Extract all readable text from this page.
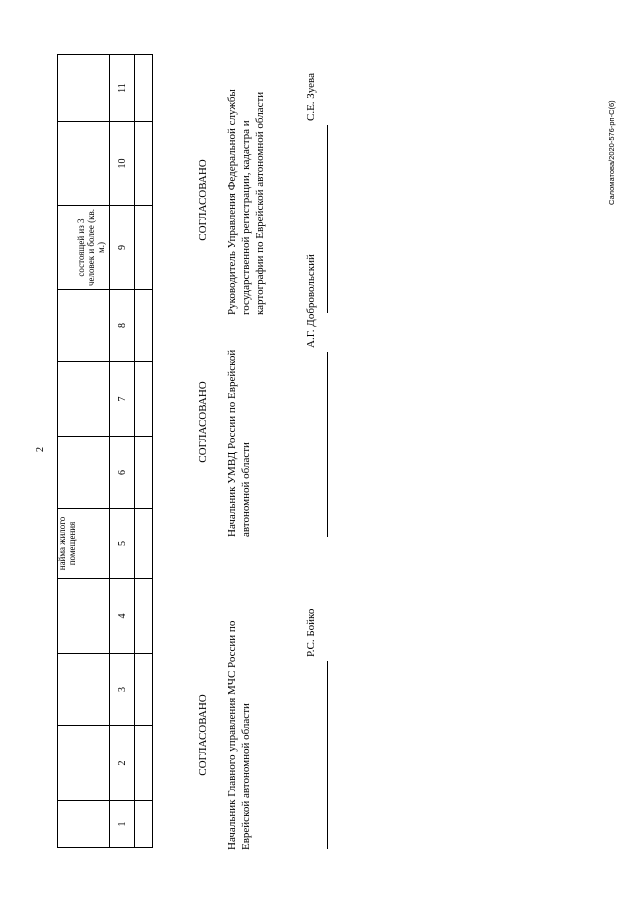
2
Саломатова/2020-576-рп-С(6)
				найма жилого помещения				состоящей из 3 человек и более (кв. м.)		
1	2	3	4	5	6	7	8	9	10	11

СОГЛАСОВАНО Начальник Главного управления МЧС России по Еврейской автономной области
Р.С. Бойко
СОГЛАСОВАНО Начальник УМВД России по Еврейской автономной области
А.Г. Добровольский
СОГЛАСОВАНО Руководитель Управления Федеральной службы государственной регистрации, кадастра и картографии по Еврейской автономной области	С.Е. Зуева
